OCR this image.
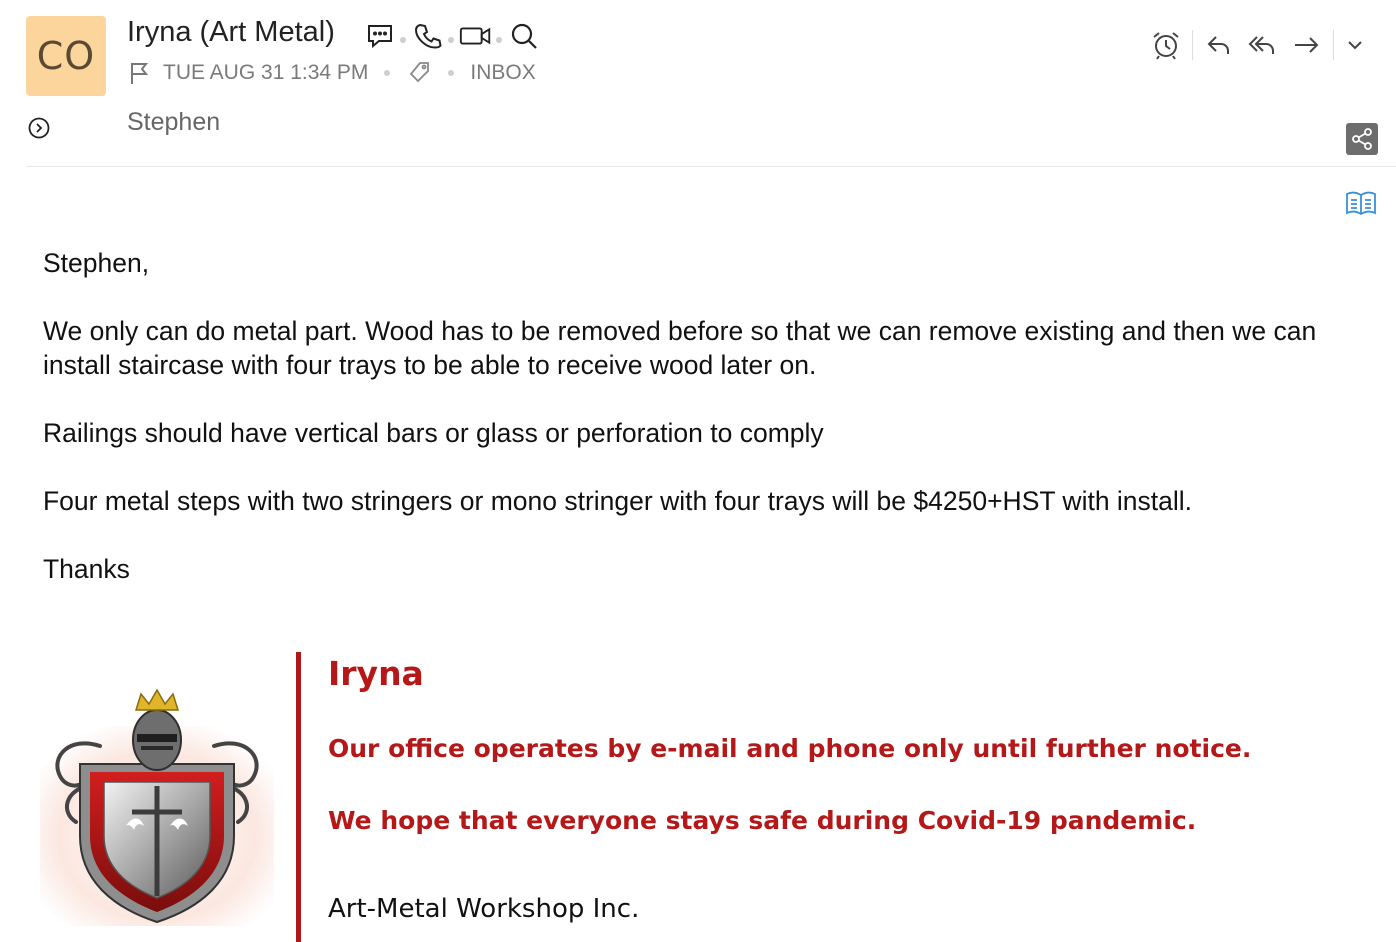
CO
Iryna (Art Metal)
TUE AUG 31 1:34 PM	INBOX
Stephen

Stephen,

We only can do metal part. Wood has to be removed before so that we can remove existing and then we can install staircase with four trays to be able to receive wood later on.

Railings should have vertical bars or glass or perforation to comply

Four metal steps with two stringers or mono stringer with four trays will be $4250+HST with install.

Thanks

Iryna
Our office operates by e-mail and phone only until further notice.
We hope that everyone stays safe during Covid-19 pandemic.
Art-Metal Workshop Inc.
